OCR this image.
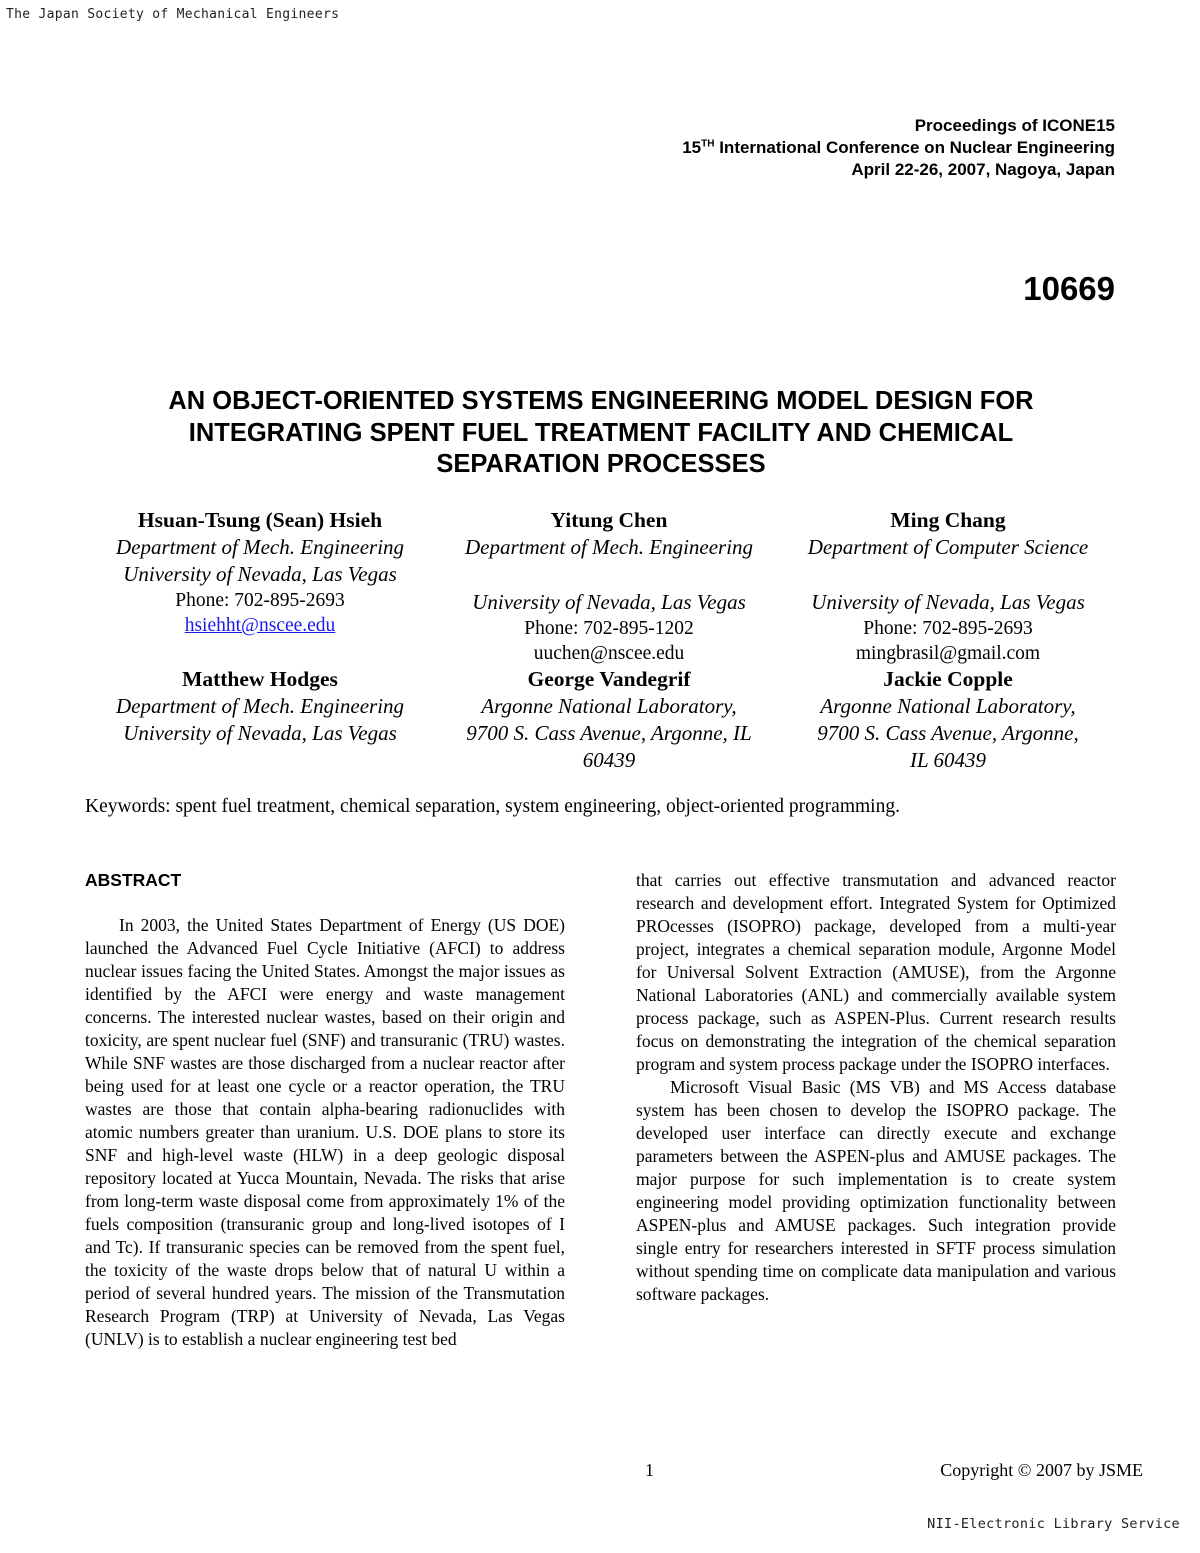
The Japan Society of Mechanical Engineers
Proceedings of ICONE15
15TH International Conference on Nuclear Engineering
April 22-26, 2007, Nagoya, Japan
10669
AN OBJECT-ORIENTED SYSTEMS ENGINEERING MODEL DESIGN FOR
INTEGRATING SPENT FUEL TREATMENT FACILITY AND CHEMICAL
SEPARATION PROCESSES
Hsuan-Tsung (Sean) Hsieh
Department of Mech. Engineering
University of Nevada, Las Vegas
Phone: 702-895-2693
hsiehht@nscee.edu
Yitung Chen
Department of Mech. Engineering
University of Nevada, Las Vegas
Phone: 702-895-1202
uuchen@nscee.edu
Ming Chang
Department of Computer Science
University of Nevada, Las Vegas
Phone: 702-895-2693
mingbrasil@gmail.com
Matthew Hodges
Department of Mech. Engineering
University of Nevada, Las Vegas
George Vandegrif
Argonne National Laboratory,
9700 S. Cass Avenue, Argonne, IL
60439
Jackie Copple
Argonne National Laboratory,
9700 S. Cass Avenue, Argonne,
IL 60439
Keywords: spent fuel treatment, chemical separation, system engineering, object-oriented programming.
ABSTRACT

In 2003, the United States Department of Energy (US DOE) launched the Advanced Fuel Cycle Initiative (AFCI) to address nuclear issues facing the United States. Amongst the major issues as identified by the AFCI were energy and waste management concerns. The interested nuclear wastes, based on their origin and toxicity, are spent nuclear fuel (SNF) and transuranic (TRU) wastes. While SNF wastes are those discharged from a nuclear reactor after being used for at least one cycle or a reactor operation, the TRU wastes are those that contain alpha-bearing radionuclides with atomic numbers greater than uranium. U.S. DOE plans to store its SNF and high-level waste (HLW) in a deep geologic disposal repository located at Yucca Mountain, Nevada. The risks that arise from long-term waste disposal come from approximately 1% of the fuels composition (transuranic group and long-lived isotopes of I and Tc). If transuranic species can be removed from the spent fuel, the toxicity of the waste drops below that of natural U within a period of several hundred years. The mission of the Transmutation Research Program (TRP) at University of Nevada, Las Vegas (UNLV) is to establish a nuclear engineering test bed

that carries out effective transmutation and advanced reactor research and development effort. Integrated System for Optimized PROcesses (ISOPRO) package, developed from a multi-year project, integrates a chemical separation module, Argonne Model for Universal Solvent Extraction (AMUSE), from the Argonne National Laboratories (ANL) and commercially available system process package, such as ASPEN-Plus. Current research results focus on demonstrating the integration of the chemical separation program and system process package under the ISOPRO interfaces.

Microsoft Visual Basic (MS VB) and MS Access database system has been chosen to develop the ISOPRO package. The developed user interface can directly execute and exchange parameters between the ASPEN-plus and AMUSE packages. The major purpose for such implementation is to create system engineering model providing optimization functionality between ASPEN-plus and AMUSE packages. Such integration provide single entry for researchers interested in SFTF process simulation without spending time on complicate data manipulation and various software packages.

1	Copyright © 2007 by JSME
NII-Electronic Library Service
